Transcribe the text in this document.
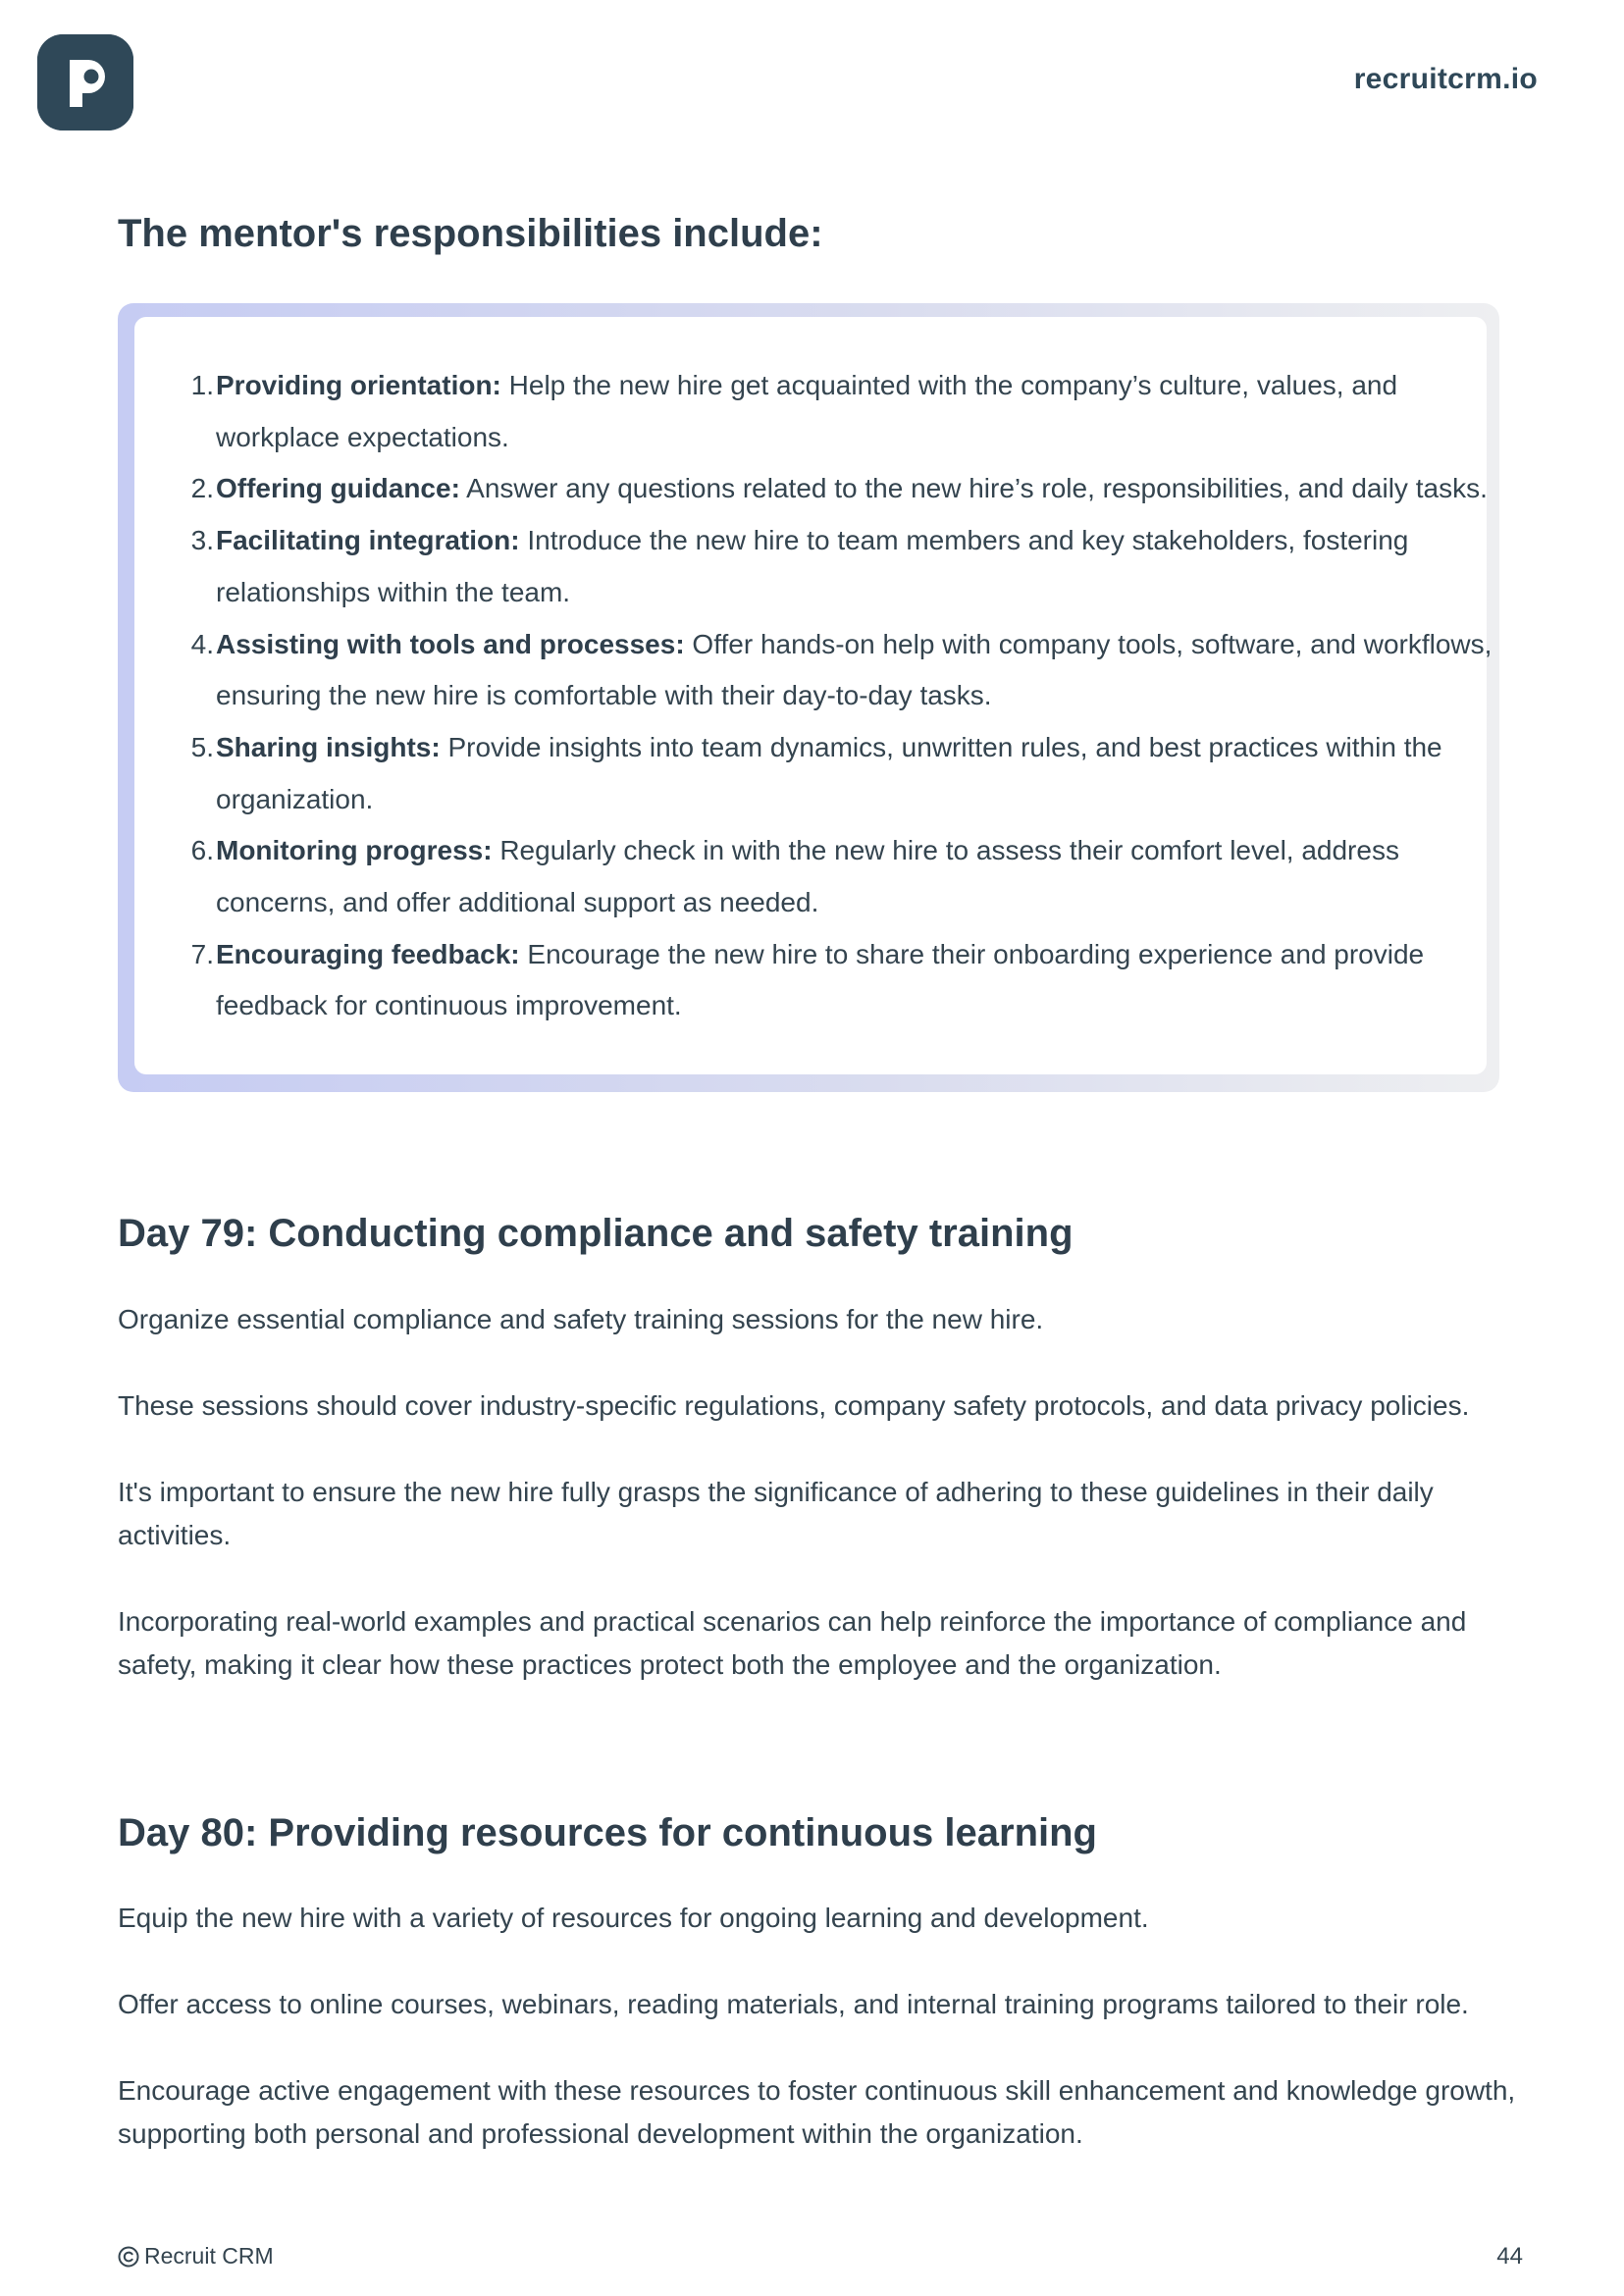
recruitcrm.io
The mentor's responsibilities include:
1. Providing orientation: Help the new hire get acquainted with the company’s culture, values, and workplace expectations.
2. Offering guidance: Answer any questions related to the new hire’s role, responsibilities, and daily tasks.
3. Facilitating integration: Introduce the new hire to team members and key stakeholders, fostering relationships within the team.
4. Assisting with tools and processes: Offer hands-on help with company tools, software, and workflows, ensuring the new hire is comfortable with their day-to-day tasks.
5. Sharing insights: Provide insights into team dynamics, unwritten rules, and best practices within the organization.
6. Monitoring progress: Regularly check in with the new hire to assess their comfort level, address concerns, and offer additional support as needed.
7. Encouraging feedback: Encourage the new hire to share their onboarding experience and provide feedback for continuous improvement.
Day 79: Conducting compliance and safety training

Organize essential compliance and safety training sessions for the new hire.

These sessions should cover industry-specific regulations, company safety protocols, and data privacy policies.

It's important to ensure the new hire fully grasps the significance of adhering to these guidelines in their daily activities.

Incorporating real-world examples and practical scenarios can help reinforce the importance of compliance and safety, making it clear how these practices protect both the employee and the organization.

Day 80: Providing resources for continuous learning

Equip the new hire with a variety of resources for ongoing learning and development.

Offer access to online courses, webinars, reading materials, and internal training programs tailored to their role.

Encourage active engagement with these resources to foster continuous skill enhancement and knowledge growth, supporting both personal and professional development within the organization.

Recruit CRM	44
